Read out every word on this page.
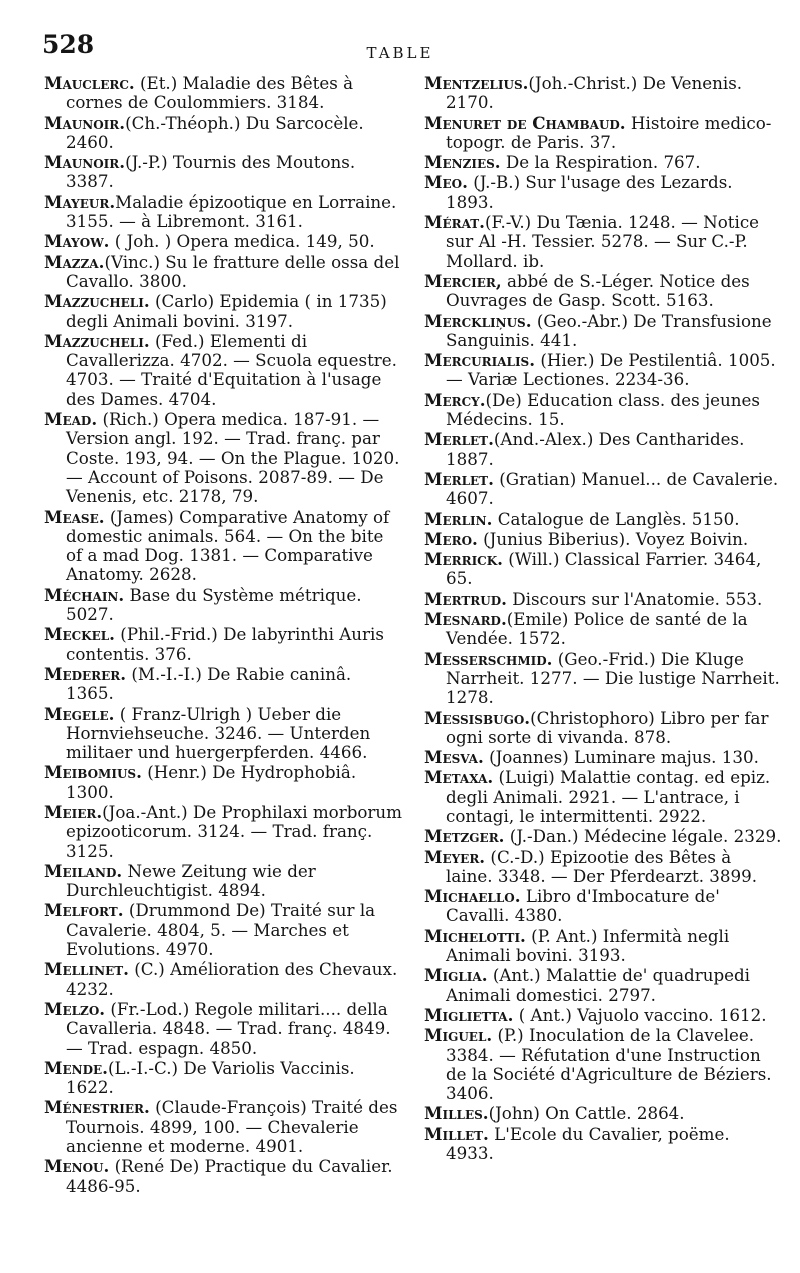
528	TABLE
Mauclerc. (Et.) Maladie des Bêtes à cornes de Coulommiers. 3184.
Maunoir.(Ch.-Théoph.) Du Sarcocèle. 2460.
Maunoir.(J.-P.) Tournis des Moutons. 3387.
Mayeur.Maladie épizootique en Lorraine. 3155. — à Libremont. 3161.
Mayow. ( Joh. ) Opera medica. 149, 50.
Mazza.(Vinc.) Su le fratture delle ossa del Cavallo. 3800.
Mazzucheli. (Carlo) Epidemia ( in 1735) degli Animali bovini. 3197.
Mazzucheli. (Fed.) Elementi di Cavallerizza. 4702. — Scuola equestre. 4703. — Traité d'Equitation à l'usage des Dames. 4704.
Mead. (Rich.) Opera medica. 187-91. — Version angl. 192. — Trad. franç. par Coste. 193, 94. — On the Plague. 1020. — Account of Poisons. 2087-89. — De Venenis, etc. 2178, 79.
Mease. (James) Comparative Anatomy of domestic animals. 564. — On the bite of a mad Dog. 1381. — Comparative Anatomy. 2628.
Méchain. Base du Système métrique. 5027.
Meckel. (Phil.-Frid.) De labyrinthi Auris contentis. 376.
Mederer. (M.-I.-I.) De Rabie caninâ. 1365.
Megele. ( Franz-Ulrigh ) Ueber die Hornviehseuche. 3246. — Unterden militaer und huergerpferden. 4466.
Meibomius. (Henr.) De Hydrophobiâ. 1300.
Meier.(Joa.-Ant.) De Prophilaxi morborum epizooticorum. 3124. — Trad. franç. 3125.
Meiland. Newe Zeitung wie der Durchleuchtigist. 4894.
Melfort. (Drummond De) Traité sur la Cavalerie. 4804, 5. — Marches et Evolutions. 4970.
Mellinet. (C.) Amélioration des Chevaux. 4232.
Melzo. (Fr.-Lod.) Regole militari.... della Cavalleria. 4848. — Trad. franç. 4849. — Trad. espagn. 4850.
Mende.(L.-I.-C.) De Variolis Vaccinis. 1622.
Ménestrier. (Claude-François) Traité des Tournois. 4899, 100. — Chevalerie ancienne et moderne. 4901.
Menou. (René De) Practique du Cavalier. 4486-95.
Mentzelius.(Joh.-Christ.) De Venenis. 2170.
Menuret de Chambaud. Histoire medico-topogr. de Paris. 37.
Menzies. De la Respiration. 767.
Meo. (J.-B.) Sur l'usage des Lezards. 1893.
Mérat.(F.-V.) Du Tænia. 1248. — Notice sur Al -H. Tessier. 5278. — Sur C.-P. Mollard. ib.
Mercier, abbé de S.-Léger. Notice des Ouvrages de Gasp. Scott. 5163.
Merckliņus. (Geo.-Abr.) De Transfusione Sanguinis. 441.
Mercurialis. (Hier.) De Pestilentiâ. 1005. — Variæ Lectiones. 2234-36.
Mercy.(De) Education class. des jeunes Médecins. 15.
Merlet.(And.-Alex.) Des Cantharides. 1887.
Merlet. (Gratian) Manuel... de Cavalerie. 4607.
Merlin. Catalogue de Langlès. 5150.
Mero. (Junius Biberius). Voyez Boivin.
Merrick. (Will.) Classical Farrier. 3464, 65.
Mertrud. Discours sur l'Anatomie. 553.
Mesnard.(Emile) Police de santé de la Vendée. 1572.
Messerschmid. (Geo.-Frid.) Die Kluge Narrheit. 1277. — Die lustige Narrheit. 1278.
Messisbugo.(Christophoro) Libro per far ogni sorte di vivanda. 878.
Mesva. (Joannes) Luminare majus. 130.
Metaxa. (Luigi) Malattie contag. ed epiz. degli Animali. 2921. — L'antrace, i contagi, le intermittenti. 2922.
Metzger. (J.-Dan.) Médecine légale. 2329.
Meyer. (C.-D.) Epizootie des Bêtes à laine. 3348. — Der Pferdearzt. 3899.
Michaello. Libro d'Imbocature de' Cavalli. 4380.
Michelotti. (P. Ant.) Infermità negli Animali bovini. 3193.
Miglia. (Ant.) Malattie de' quadrupedi Animali domestici. 2797.
Miglietta. ( Ant.) Vajuolo vaccino. 1612.
Miguel. (P.) Inoculation de la Clavelee. 3384. — Réfutation d'une Instruction de la Société d'Agriculture de Béziers. 3406.
Milles.(John) On Cattle. 2864.
Millet. L'Ecole du Cavalier, poëme. 4933.
